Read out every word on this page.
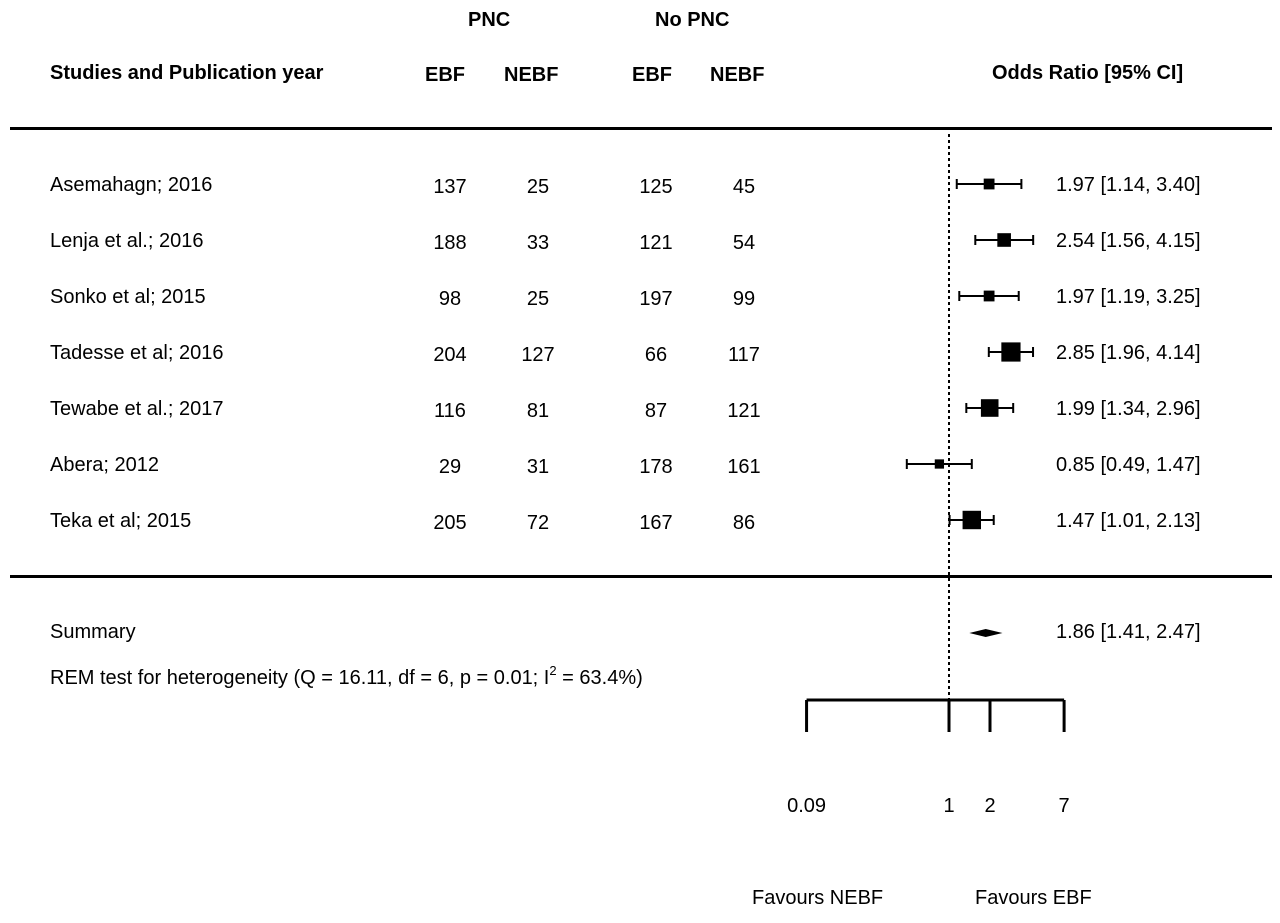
PNC	No PNC
Studies and Publication year	EBF NEBF	EBF NEBF	Odds Ratio [95% CI]
Asemahagn; 2016	137	25	125	45	1.97 [1.14, 3.40]
Lenja et al.; 2016	188	33	121	54	2.54 [1.56, 4.15]
Sonko et al; 2015	98	25	197	99	1.97 [1.19, 3.25]
Tadesse et al; 2016	204	127	66	117	2.85 [1.96, 4.14]
Tewabe et al.; 2017	116	81	87	121	1.99 [1.34, 2.96]
Abera; 2012	29	31	178	161	0.85 [0.49, 1.47]
Teka et al; 2015	205	72	167	86	1.47 [1.01, 2.13]
Summary	1.86 [1.41, 2.47]
REM test for heterogeneity (Q = 16.11, df = 6, p = 0.01; $I^2 = 63.4\%$)
0.09	1	2	7
Favours NEBF	Favours EBF
